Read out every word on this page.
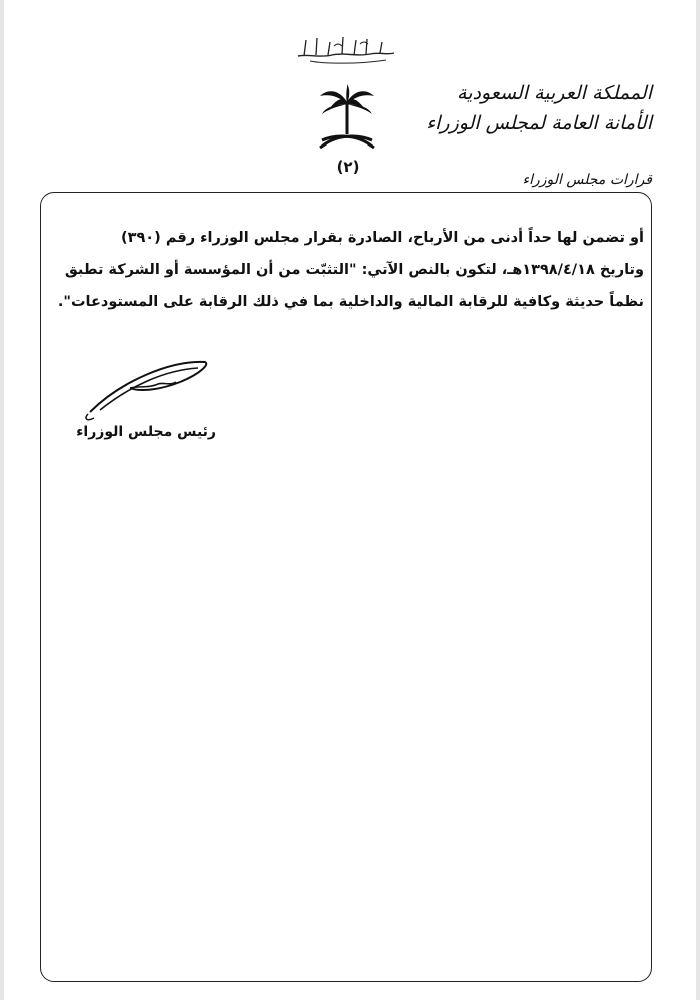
(٢)
المملكة العربية السعودية
الأمانة العامة لمجلس الوزراء
قرارات مجلس الوزراء
أو تضمن لها حداً أدنى من الأرباح، الصادرة بقرار مجلس الوزراء رقم (٣٩٠)
وتاريخ ١٣٩٨/٤/١٨هـ، لتكون بالنص الآتي: "التثبّت من أن المؤسسة أو الشركة تطبق
نظماً حديثة وكافية للرقابة المالية والداخلية بما في ذلك الرقابة على المستودعات".
رئيس مجلس الوزراء
